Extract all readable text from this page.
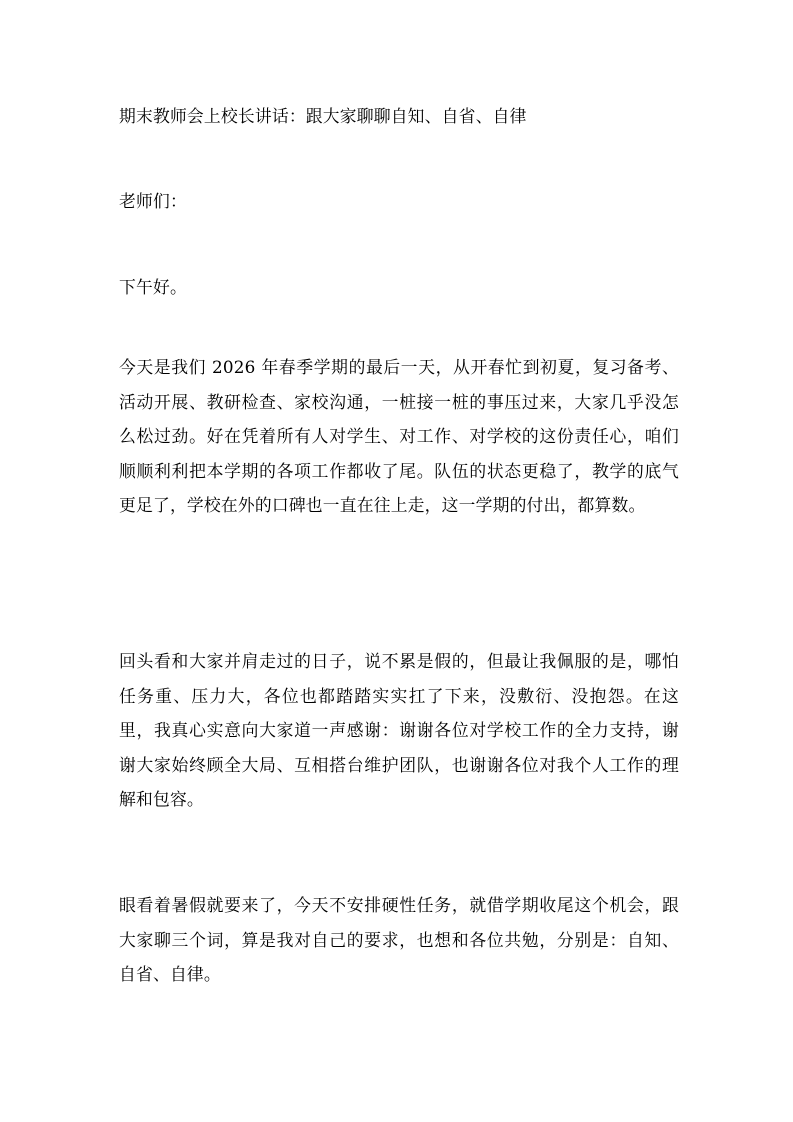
期末教师会上校长讲话：跟大家聊聊自知、自省、自律

老师们：

下午好。

今天是我们 2026 年春季学期的最后一天，从开春忙到初夏，复习备考、活动开展、教研检查、家校沟通，一桩接一桩的事压过来，大家几乎没怎么松过劲。好在凭着所有人对学生、对工作、对学校的这份责任心，咱们顺顺利利把本学期的各项工作都收了尾。队伍的状态更稳了，教学的底气更足了，学校在外的口碑也一直在往上走，这一学期的付出，都算数。

回头看和大家并肩走过的日子，说不累是假的，但最让我佩服的是，哪怕任务重、压力大，各位也都踏踏实实扛了下来，没敷衍、没抱怨。在这里，我真心实意向大家道一声感谢：谢谢各位对学校工作的全力支持，谢谢大家始终顾全大局、互相搭台维护团队，也谢谢各位对我个人工作的理解和包容。

眼看着暑假就要来了，今天不安排硬性任务，就借学期收尾这个机会，跟大家聊三个词，算是我对自己的要求，也想和各位共勉，分别是：自知、自省、自律。
